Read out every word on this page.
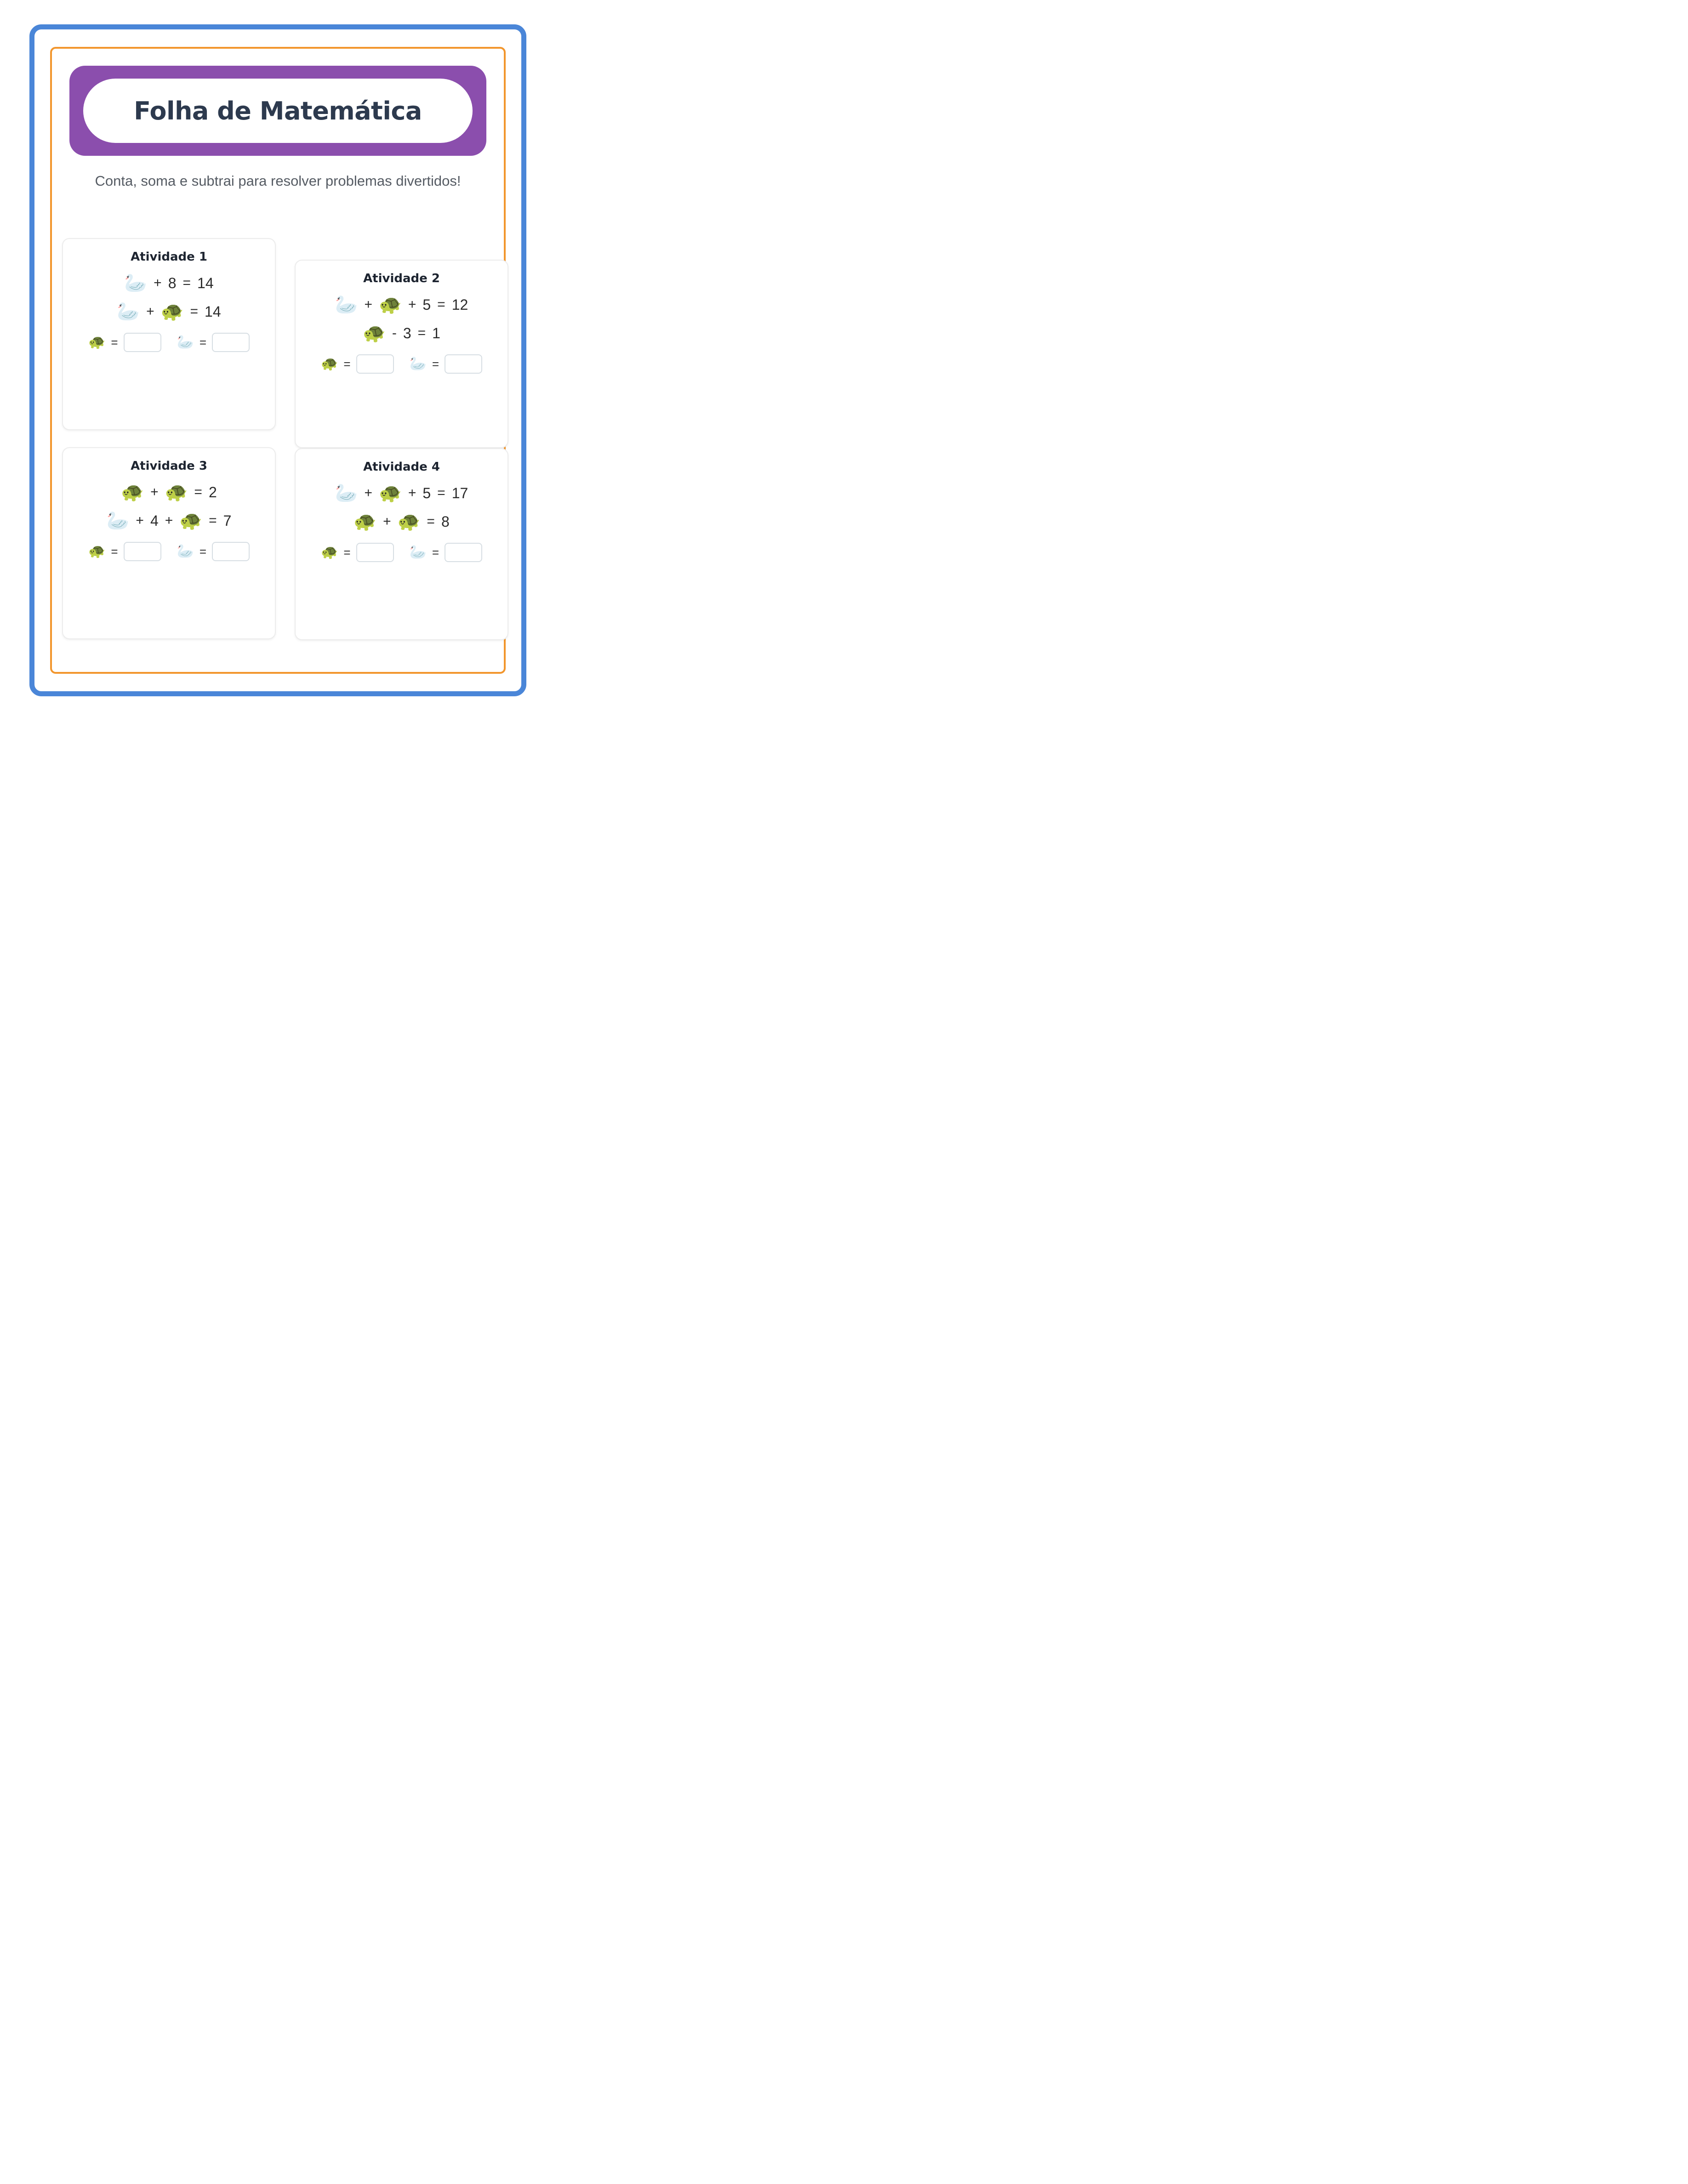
Folha de Matemática
Conta, soma e subtrai para resolver problemas divertidos!
Atividade 1
🦢 + 8 = 14
🦢 + 🐢 = 14
🐢 =	🦢 =
Atividade 2
🦢 + 🐢 + 5 = 12
🐢 - 3 = 1
🐢 =	🦢 =
Atividade 3
🐢 + 🐢 = 2
🦢 + 4 + 🐢 = 7
🐢 =	🦢 =
Atividade 4
🦢 + 🐢 + 5 = 17
🐢 + 🐢 = 8
🐢 =	🦢 =
